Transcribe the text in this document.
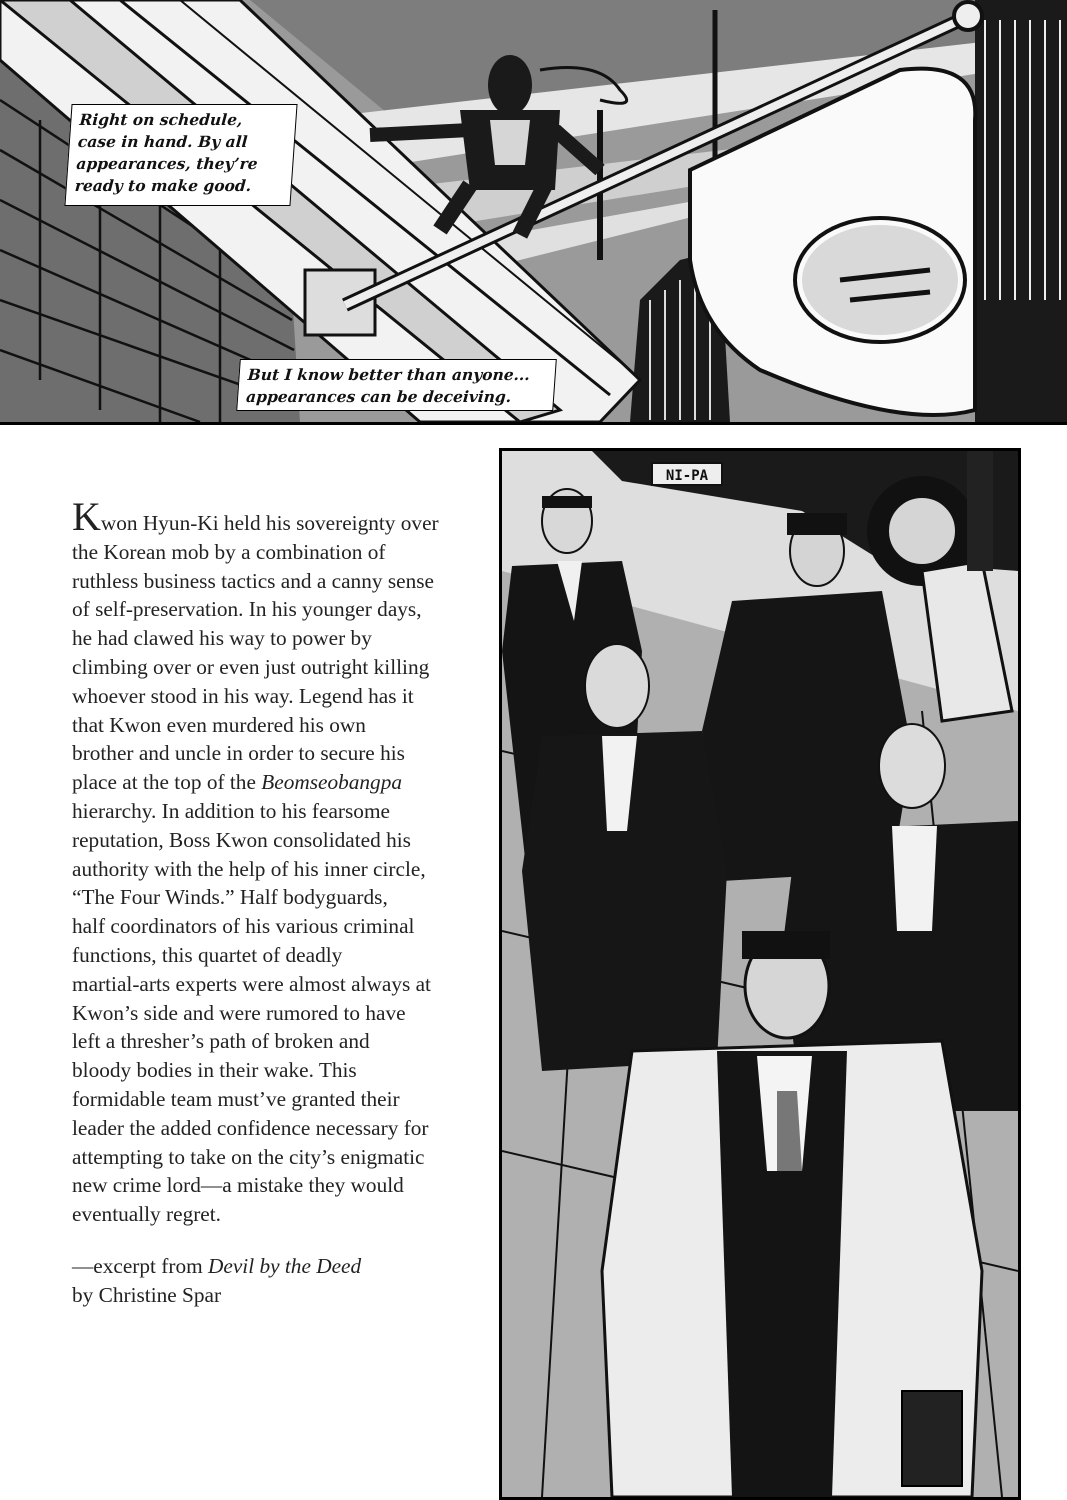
Right on schedule,
case in hand. By all
appearances, they’re
ready to make good.
But I know better than anyone...
appearances can be deceiving.
Kwon Hyun-Ki held his sovereignty over
the Korean mob by a combination of
ruthless business tactics and a canny sense
of self-preservation. In his younger days,
he had clawed his way to power by
climbing over or even just outright killing
whoever stood in his way. Legend has it
that Kwon even murdered his own
brother and uncle in order to secure his
place at the top of the Beomseobangpa
hierarchy. In addition to his fearsome
reputation, Boss Kwon consolidated his
authority with the help of his inner circle,
“The Four Winds.” Half bodyguards,
half coordinators of his various criminal
functions, this quartet of deadly
martial-arts experts were almost always at
Kwon’s side and were rumored to have
left a thresher’s path of broken and
bloody bodies in their wake. This
formidable team must’ve granted their
leader the added confidence necessary for
attempting to take on the city’s enigmatic
new crime lord—a mistake they would
eventually regret.
—excerpt from Devil by the Deed
by Christine Spar
NI-PA
